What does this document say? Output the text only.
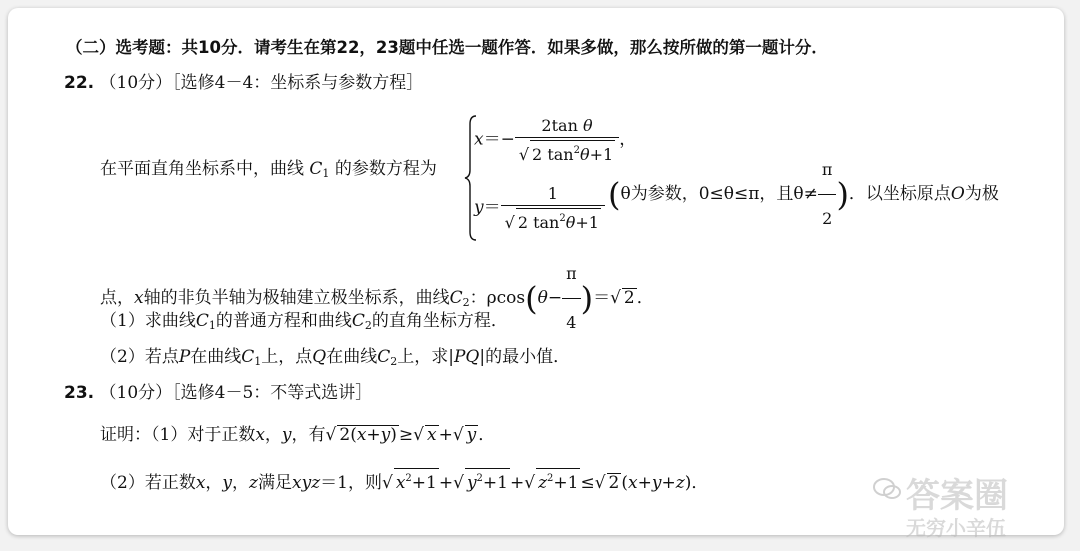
（二）选考题：共10分．请考生在第22，23题中任选一题作答．如果多做，那么按所做的第一题计分．
22. （10分）［选修4－4：坐标系与参数方程］
在平面直角坐标系中，曲线 $C_1$ 的参数方程为
$x=- \frac{\text{2tan θ}}{√ 2 \tan^2\theta+1}$ ，
$y= \frac{1}{√ 2 \tan^2\theta+1} (\theta$为参数，0≤θ≤π，且$\theta\ne \frac{\pi}{2}$ )．以坐标原点O为极
点，x轴的非负半轴为极轴建立极坐标系，曲线$C_2$：$\rho\cos(\theta- \frac{\pi}{4}$ )＝√ 2 ．
（1）求曲线$C_1$的普通方程和曲线$C_2$的直角坐标方程．
（2）若点P在曲线$C_1$上，点Q在曲线$C_2$上，求|PQ|的最小值．
23. （10分）［选修4－5：不等式选讲］
证明：（1）对于正数x，y，有√ 2(x+y) ≥√ x +√ y ．
（2）若正数x，y，z满足xyz＝1，则√ $x^2+1$ +√ $y^2+1$ +√ $z^2+1$ ≤√ 2 (x+y+z)．	答案圈
无穷小辛伍
